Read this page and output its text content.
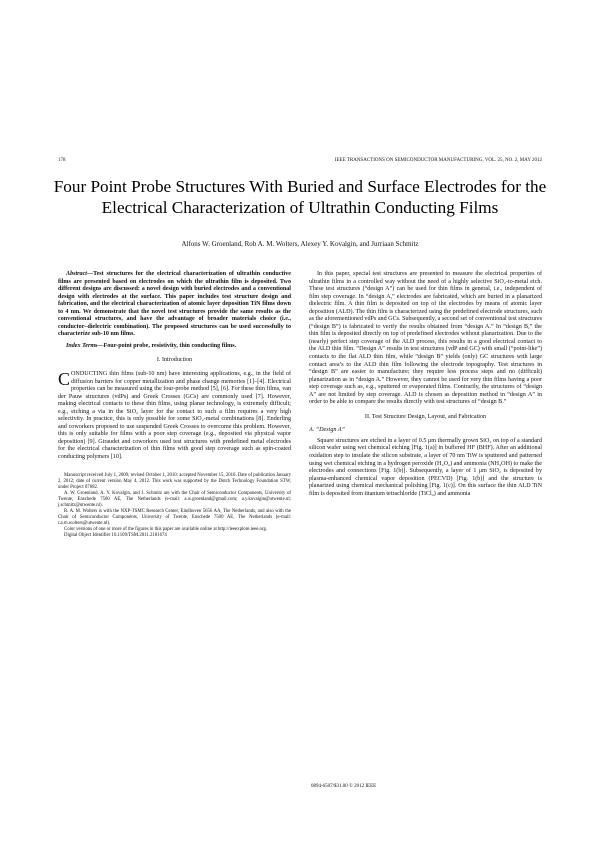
178	IEEE TRANSACTIONS ON SEMICONDUCTOR MANUFACTURING, VOL. 25, NO. 2, MAY 2012
Four Point Probe Structures With Buried and Surface Electrodes for the Electrical Characterization of Ultrathin Conducting Films
Alfons W. Groenland, Rob A. M. Wolters, Alexey Y. Kovalgin, and Jurriaan Schmitz

Abstract—Test structures for the electrical characterization of ultrathin conductive films are presented based on electrodes on which the ultrathin film is deposited. Two different designs are discussed: a novel design with buried electrodes and a conventional design with electrodes at the surface. This paper includes test structure design and fabrication, and the electrical characterization of atomic layer deposition TiN films down to 4 nm. We demonstrate that the novel test structures provide the same results as the conventional structures, and have the advantage of broader materials choice (i.e., conductor–dielectric combination). The proposed structures can be used successfully to characterize sub-10 nm films.

Index Terms—Four-point probe, resistivity, thin conducting films.

I. Introduction

CONDUCTING thin films (sub-10 nm) have interesting applications, e.g., in the field of diffusion barriers for copper metallization and phase change memories [1]–[4]. Electrical properties can be measured using the four-probe method [5], [6]. For these thin films, van der Pauw structures (vdPs) and Greek Crosses (GCs) are commonly used [7]. However, making electrical contacts to these thin films, using planar technology, is extremely difficult; e.g., etching a via in the SiO₂ layer for the contact to such a film requires a very high selectivity. In practice, this is only possible for some SiO₂-metal combinations [8]. Enderling and coworkers proposed to use suspended Greek Crosses to overcome this problem. However, this is only suitable for films with a poor step coverage (e.g., deposited via physical vapor deposition) [9]. Giraudet and coworkers used test structures with predefined metal electrodes for the electrical characterization of thin films with good step coverage such as spin-coated conducting polymers [10].

Manuscript received July 1, 2009; revised October 1, 2010; accepted November 15, 2010. Date of publication January 2, 2012; date of current version May 4, 2012. This work was supported by the Dutch Technology Foundation STW, under Project 07682.

A. W. Groenland, A. Y. Kovalgin, and J. Schmitz are with the Chair of Semiconductor Components, University of Twente, Enschede 7500 AE, The Netherlands (e-mail: a.w.groenland@gmail.com; a.y.kovalgin@utwente.nl; j.schmitz@utwente.nl).

R. A. M. Wolters is with the NXP-TSMC Research Center, Eindhoven 5656 AA, The Netherlands, and also with the Chair of Semiconductor Components, University of Twente, Enschede 7500 AE, The Netherlands (e-mail: r.a.m.wolters@utwente.nl).

Color versions of one or more of the figures in this paper are available online at http://ieeexplore.ieee.org.

Digital Object Identifier 10.1109/TSM.2011.2181674

In this paper, special test structures are presented to measure the electrical properties of ultrathin films in a controlled way without the need of a highly selective SiO₂-to-metal etch. These test structures (“design A”) can be used for thin films in general, i.e., independent of film step coverage. In “design A,” electrodes are fabricated, which are buried in a planarized dielectric film. A thin film is deposited on top of the electrodes by means of atomic layer deposition (ALD). The thin film is characterized using the predefined electrode structures, such as the aforementioned vdPs and GCs. Subsequently, a second set of conventional test structures (“design B”) is fabricated to verify the results obtained from “design A.” In “design B,” the thin film is deposited directly on top of predefined electrodes without planarization. Due to the (nearly) perfect step coverage of the ALD process, this results in a good electrical contact to the ALD thin film. “Design A” results in test structures (vdP and GC) with small (“point-like”) contacts to the flat ALD thin film, while “design B” yields (only) GC structures with large contact area’s to the ALD thin film following the electrode topography. Test structures in “design B” are easier to manufacture; they require less process steps and no (difficult) planarization as in “design A.” However, they cannot be used for very thin films having a poor step coverage such as, e.g., sputtered or evaporated films. Contrarily, the structures of “design A” are not limited by step coverage. ALD is chosen as deposition method in “design A” in order to be able to compare the results directly with test structures of “design B.”

II. Test Structure Design, Layout, and Fabrication
A. “Design A”

Square structures are etched in a layer of 0.5 μm thermally grown SiO₂ on top of a standard silicon wafer using wet chemical etching [Fig. 1(a)] in buffered HF (BHF). After an additional oxidation step to insulate the silicon substrate, a layer of 70 nm TiW is sputtered and patterned using wet chemical etching in a hydrogen peroxide (H₂O₂) and ammonia (NH₄OH) to make the electrodes and connections [Fig. 1(b)]. Subsequently, a layer of 1 μm SiO₂ is deposited by plasma-enhanced chemical vapor deposition (PECVD) [Fig. 1(b)] and the structure is planarized using chemical mechanical polishing [Fig. 1(c)]. On this surface the thin ALD TiN film is deposited from titanium tetrachloride (TiCl₄) and ammonia

0894-6507/$31.00 © 2012 IEEE
